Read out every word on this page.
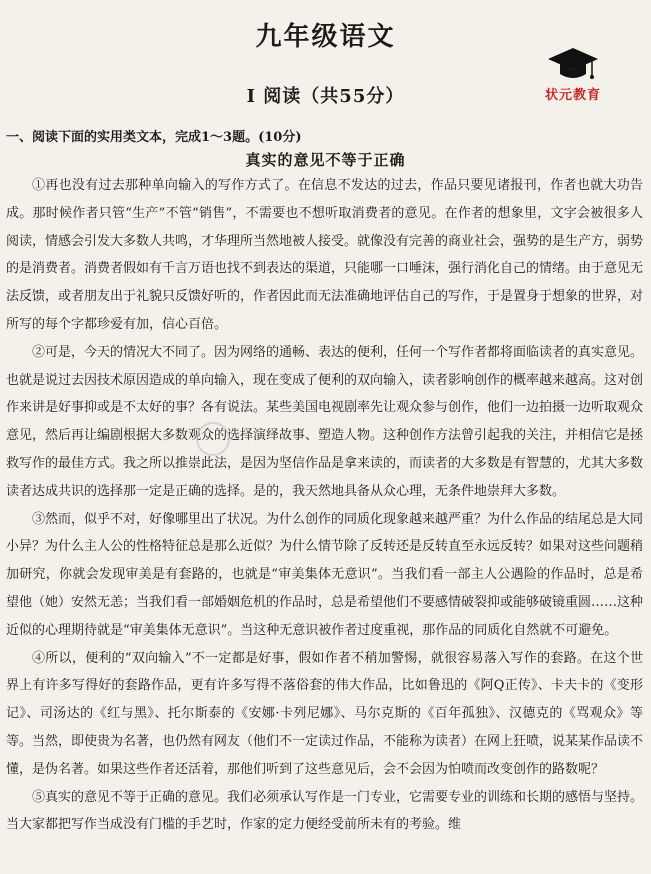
九年级语文
状元教育
Ⅰ 阅读（共55分）
一、阅读下面的实用类文本，完成1～3题。(10分)
真实的意见不等于正确

①再也没有过去那种单向输入的写作方式了。在信息不发达的过去，作品只要见诸报刊，作者也就大功告成。那时候作者只管“生产”不管“销售”，不需要也不想听取消费者的意见。在作者的想象里，文字会被很多人阅读，情感会引发大多数人共鸣，才华理所当然地被人接受。就像没有完善的商业社会，强势的是生产方，弱势的是消费者。消费者假如有千言万语也找不到表达的渠道，只能哪一口唾沫，强行消化自己的情绪。由于意见无法反馈，或者朋友出于礼貌只反馈好听的，作者因此而无法准确地评估自己的写作，于是置身于想象的世界，对所写的每个字都珍爱有加，信心百倍。

②可是，今天的情况大不同了。因为网络的通畅、表达的便利，任何一个写作者都将面临读者的真实意见。也就是说过去因技术原因造成的单向输入，现在变成了便利的双向输入，读者影响创作的概率越来越高。这对创作来讲是好事抑或是不太好的事？各有说法。某些美国电视剧率先让观众参与创作，他们一边拍摄一边听取观众意见，然后再让编剧根据大多数观众的选择演绎故事、塑造人物。这种创作方法曾引起我的关注，并相信它是拯救写作的最佳方式。我之所以推崇此法，是因为坚信作品是拿来读的，而读者的大多数是有智慧的，尤其大多数读者达成共识的选择那一定是正确的选择。是的，我天然地具备从众心理，无条件地崇拜大多数。

③然而，似乎不对，好像哪里出了状况。为什么创作的同质化现象越来越严重？为什么作品的结尾总是大同小异？为什么主人公的性格特征总是那么近似？为什么情节除了反转还是反转直至永远反转？如果对这些问题稍加研究，你就会发现审美是有套路的，也就是“审美集体无意识”。当我们看一部主人公遇险的作品时，总是希望他（她）安然无恙；当我们看一部婚姻危机的作品时，总是希望他们不要感情破裂抑或能够破镜重圆……这种近似的心理期待就是“审美集体无意识”。当这种无意识被作者过度重视，那作品的同质化自然就不可避免。

④所以，便利的“双向输入”不一定都是好事，假如作者不稍加警惕，就很容易落入写作的套路。在这个世界上有许多写得好的套路作品，更有许多写得不落俗套的伟大作品，比如鲁迅的《阿Q正传》、卡夫卡的《变形记》、司汤达的《红与黑》、托尔斯泰的《安娜·卡列尼娜》、马尔克斯的《百年孤独》、汉德克的《骂观众》等等。当然，即使贵为名著，也仍然有网友（他们不一定读过作品，不能称为读者）在网上狂喷，说某某作品读不懂，是伪名著。如果这些作者还活着，那他们听到了这些意见后，会不会因为怕喷而改变创作的路数呢？

⑤真实的意见不等于正确的意见。我们必须承认写作是一门专业，它需要专业的训练和长期的感悟与坚持。当大家都把写作当成没有门槛的手艺时，作家的定力便经受前所未有的考验。维
